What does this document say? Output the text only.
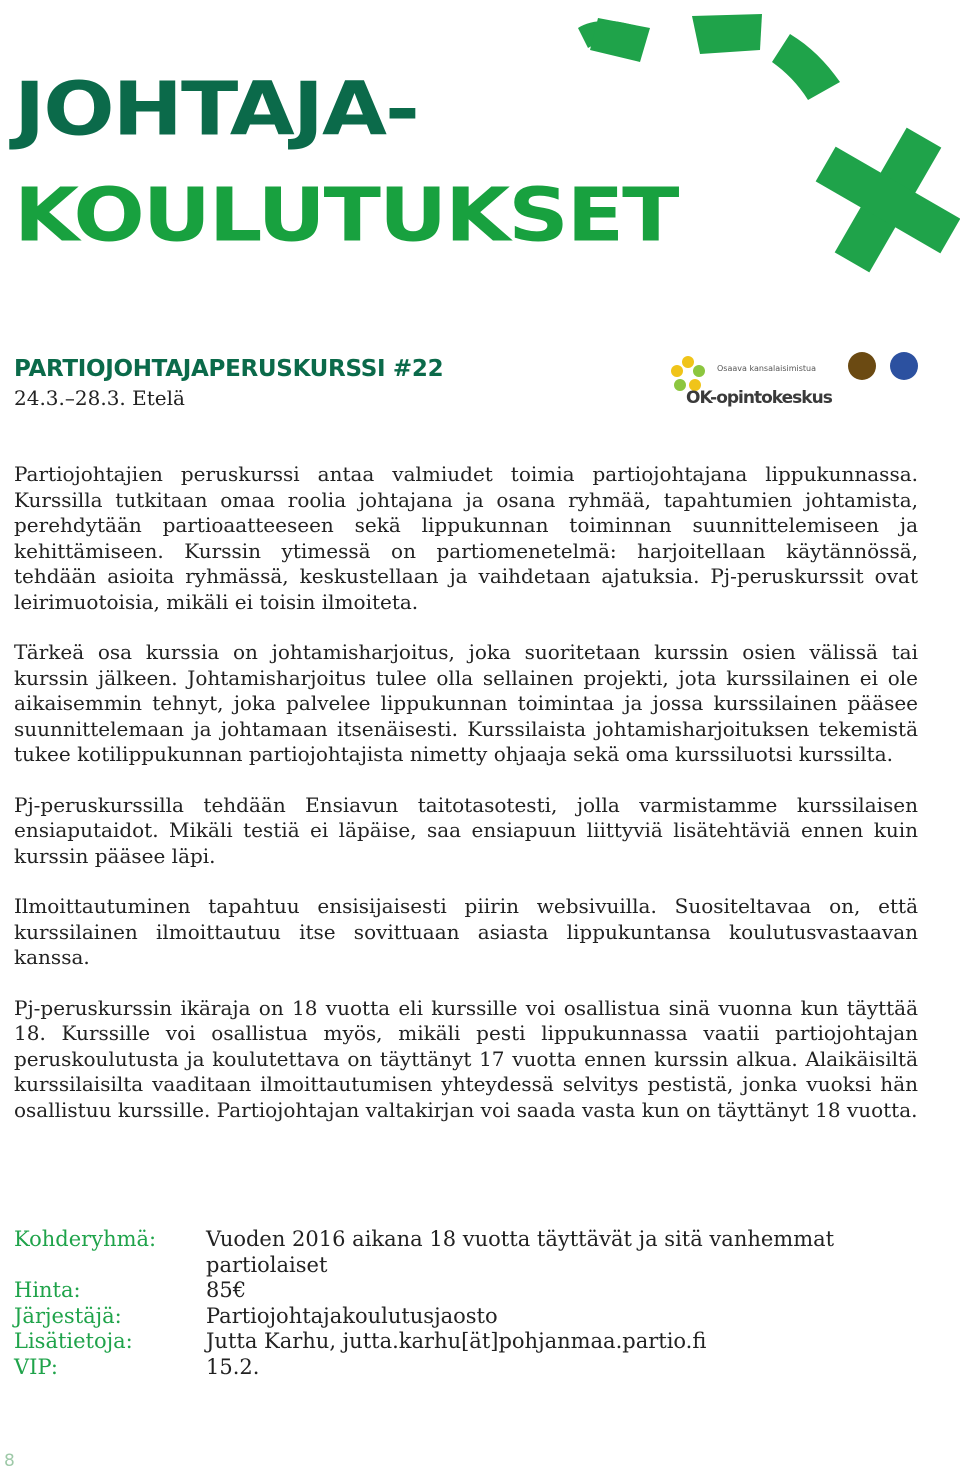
JOHTAJA-
KOULUTUKSET
PARTIOJOHTAJAPERUSKURSSI #22
24.3.–28.3. Etelä
Osaava kansalaisimistua
OK-opintokeskus

Partiojohtajien peruskurssi antaa valmiudet toimia partiojohtajana lippukunnassa. Kurssilla tutkitaan omaa roolia johtajana ja osana ryhmää, tapahtumien johtamista, perehdytään partioaatteeseen sekä lippukunnan toiminnan suunnittelemiseen ja kehittämiseen. Kurssin ytimessä on partiomenetelmä: harjoitellaan käytännössä, tehdään asioita ryhmässä, keskustellaan ja vaihdetaan ajatuksia. Pj-peruskurssit ovat leirimuotoisia, mikäli ei toisin ilmoiteta.

Tärkeä osa kurssia on johtamisharjoitus, joka suoritetaan kurssin osien välissä tai kurssin jälkeen. Johtamisharjoitus tulee olla sellainen projekti, jota kurssilainen ei ole aikaisemmin tehnyt, joka palvelee lippukunnan toimintaa ja jossa kurssilainen pääsee suunnittelemaan ja johtamaan itsenäisesti. Kurssilaista johtamisharjoituksen tekemistä tukee kotilippukunnan partiojohtajista nimetty ohjaaja sekä oma kurssiluotsi kurssilta.

Pj-peruskurssilla tehdään Ensiavun taitotasotesti, jolla varmistamme kurssilaisen ensiaputaidot. Mikäli testiä ei läpäise, saa ensiapuun liittyviä lisätehtäviä ennen kuin kurssin pääsee läpi.

Ilmoittautuminen tapahtuu ensisijaisesti piirin websivuilla. Suositeltavaa on, että kurssilainen ilmoittautuu itse sovittuaan asiasta lippukuntansa koulutusvastaavan kanssa.

Pj-peruskurssin ikäraja on 18 vuotta eli kurssille voi osallistua sinä vuonna kun täyttää 18. Kurssille voi osallistua myös, mikäli pesti lippukunnassa vaatii partiojohtajan peruskoulutusta ja koulutettava on täyttänyt 17 vuotta ennen kurssin alkua. Alaikäisiltä kurssilaisilta vaaditaan ilmoittautumisen yhteydessä selvitys pestistä, jonka vuoksi hän osallistuu kurssille. Partiojohtajan valtakirjan voi saada vasta kun on täyttänyt 18 vuotta.

Kohderyhmä:	Vuoden 2016 aikana 18 vuotta täyttävät ja sitä vanhemmat partiolaiset
Hinta:	85€
Järjestäjä:	Partiojohtajakoulutusjaosto
Lisätietoja:	Jutta Karhu, jutta.karhu[ät]pohjanmaa.partio.fi
VIP:	15.2.
8
